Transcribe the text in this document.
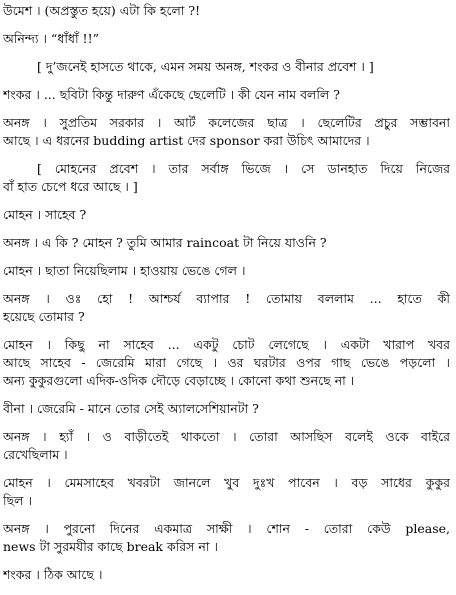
উমেশ । (অপ্রস্তুত হয়ে) এটা কি হলো ?!
অনিন্দ্য । “ধাঁধাঁ !!”
[ দু’জনেই হাসতে থাকে, এমন সময় অনঙ্গ, শংকর ও বীনার প্রবেশ । ]
শংকর । ... ছবিটা কিন্তু দারুণ এঁকেছে ছেলেটি । কী যেন নাম বললি ?
অনঙ্গ । সুপ্রতিম সরকার । আর্ট কলেজের ছাত্র । ছেলেটির প্রচুর সম্ভাবনা
আছে । এ ধরনের budding artist দের sponsor করা উচিৎ আমাদের ।
[ মোহনের প্রবেশ । তার সর্বাঙ্গ ভিজে । সে ডানহাত দিয়ে নিজের
বাঁ হাত চেপে ধরে আছে । ]
মোহন । সাহেব ?
অনঙ্গ । এ কি ? মোহন ? তুমি আমার raincoat টা নিয়ে যাওনি ?
মোহন । ছাতা নিয়েছিলাম । হাওয়ায় ভেঙে গেল ।
অনঙ্গ । ওঃ হো ! আশ্চর্য ব্যাপার ! তোমায় বললাম ... হাতে কী
হয়েছে তোমার ?
মোহন । কিছু না সাহেব ... একটু চোট লেগেছে । একটা খারাপ খবর
আছে সাহেব - জেরেমি মারা গেছে । ওর ঘরটার ওপর গাছ ভেঙে পড়লো ।
অন্য কুকুরগুলো এদিক-ওদিক দৌড়ে বেড়াচ্ছে । কোনো কথা শুনছে না ।
বীনা । জেরেমি - মানে তোর সেই অ্যালসেশিয়ানটা ?
অনঙ্গ । হ্যাঁ । ও বাড়ীতেই থাকতো । তোরা আসছিস বলেই ওকে বাইরে
রেখেছিলাম ।
মোহন । মেমসাহেব খবরটা জানলে খুব দুঃখ পাবেন । বড় সাধের কুকুর
ছিল ।
অনঙ্গ । পুরনো দিনের একমাত্র সাক্ষী । শোন - তোরা কেউ please,
news টা সুরমযীর কাছে break করিস না ।
শংকর । ঠিক আছে ।
